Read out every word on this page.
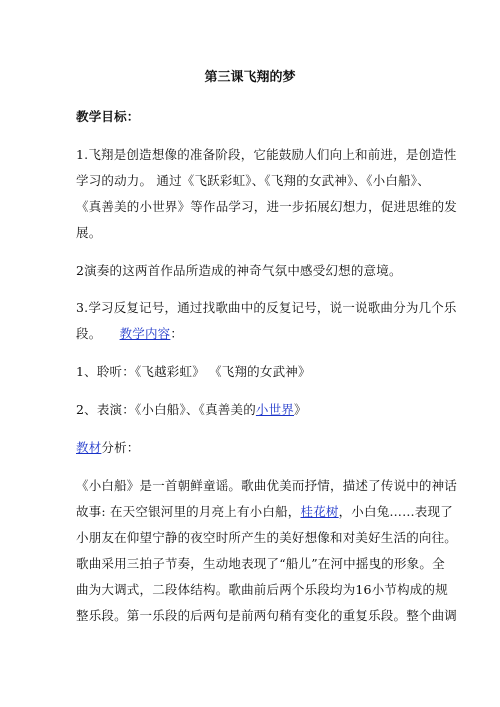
第三课飞翔的梦
教学目标：
1.飞翔是创造想像的准备阶段，它能鼓励人们向上和前进，是创造性
学习的动力。 通过《飞跃彩虹》、《飞翔的女武神》、《小白船》、
《真善美的小世界》等作品学习，进一步拓展幻想力，促进思维的发
展。
2演奏的这两首作品所造成的神奇气氛中感受幻想的意境。
3.学习反复记号，通过找歌曲中的反复记号，说一说歌曲分为几个乐
段。 教学内容：
1、聆听：《飞越彩虹》 《飞翔的女武神》
2、表演：《小白船》、《真善美的小世界》
教材分析：
《小白船》是一首朝鲜童谣。歌曲优美而抒情，描述了传说中的神话
故事: 在天空银河里的月亮上有小白船，桂花树，小白兔……表现了
小朋友在仰望宁静的夜空时所产生的美好想像和对美好生活的向往。
歌曲采用三拍子节奏，生动地表现了“船儿”在河中摇曳的形象。全
曲为大调式，二段体结构。歌曲前后两个乐段均为16小节构成的规
整乐段。第一乐段的后两句是前两句稍有变化的重复乐段。整个曲调
